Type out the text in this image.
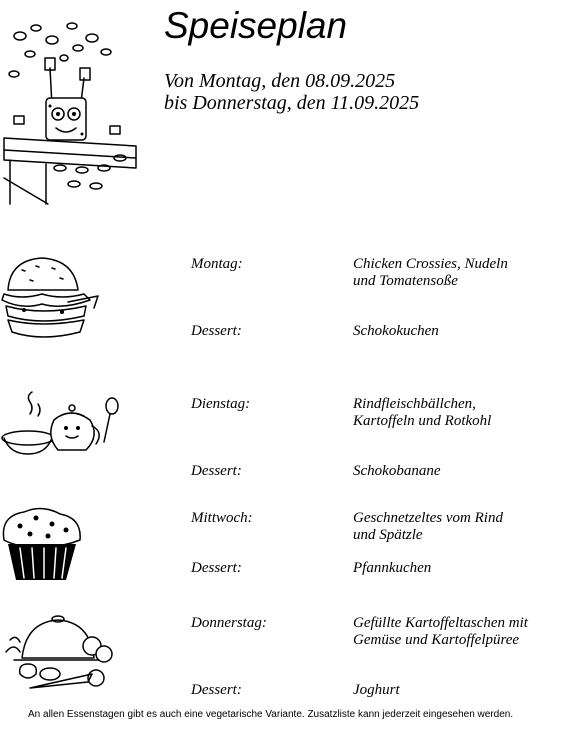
Speiseplan
Von Montag, den 08.09.2025
bis Donnerstag, den 11.09.2025
Montag:	Chicken Crossies, Nudeln
und Tomatensoße
Dessert:	Schokokuchen
Dienstag:	Rindfleischbällchen,
Kartoffeln und Rotkohl
Dessert:	Schokobanane
Mittwoch:	Geschnetzeltes vom Rind
und Spätzle
Dessert:	Pfannkuchen
Donnerstag:	Gefüllte Kartoffeltaschen mit
Gemüse und Kartoffelpüree
Dessert:	Joghurt
An allen Essenstagen gibt es auch eine vegetarische Variante. Zusatzliste kann jederzeit eingesehen werden.
